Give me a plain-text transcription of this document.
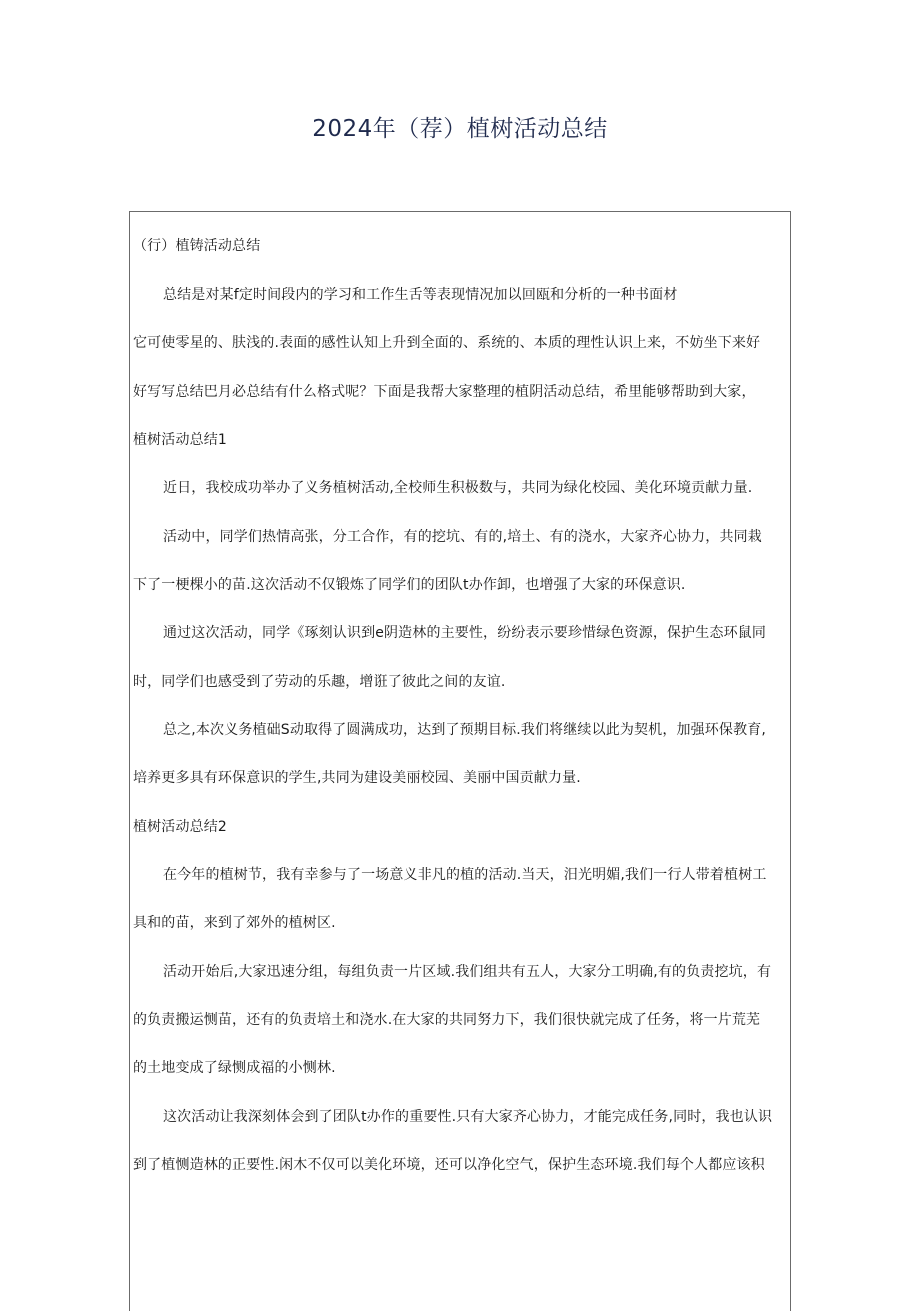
2024年（荐）植树活动总结
（行）植铸活动总结
总结是对某f定时间段内的学习和工作生舌等表现情况加以回瓯和分析的一种书面材
它可使零星的、肤浅的.表面的感性认知上升到全面的、系统的、本质的理性认识上来，不妨坐下来好
好写写总结巴月必总结有什么格式呢？下面是我帮大家整理的植阴活动总结，希里能够帮助到大家，
植树活动总结1
近日，我校成功举办了义务植树活动,全校师生积极数与，共同为绿化校园、美化环境贡献力量.
活动中，同学们热情高张，分工合作，有的挖坑、有的,培土、有的浇水，大家齐心协力，共同栽
下了一梗棵小的苗.这次活动不仅锻炼了同学们的团队t办作卸，也增强了大家的环保意识.
通过这次活动，同学《琢刻认识到e阴造林的主要性，纷纷表示要珍惜绿色资源，保护生态环鼠同
时，同学们也感受到了劳动的乐趣，增诳了彼此之间的友谊.
总之,本次义务植础S动取得了圆满成功，达到了预期目标.我们将继续以此为契机，加强环保教育,
培养更多具有环保意识的学生,共同为建设美丽校园、美丽中国贡献力量.
植树活动总结2
在今年的植树节，我有幸参与了一场意义非凡的植的活动.当天，汨光明媚,我们一行人带着植树工
具和的苗，来到了郊外的植树区.
活动开始后,大家迅速分组，每组负责一片区域.我们组共有五人，大家分工明确,有的负责挖坑，有
的负责搬运恻苗，还有的负责培土和浇水.在大家的共同努力下，我们很快就完成了任务，将一片荒芜
的土地变成了绿恻成福的小恻林.
这次活动让我深刻体会到了团队t办作的重要性.只有大家齐心协力，才能完成任务,同时，我也认识
到了植恻造林的正要性.闲木不仅可以美化环境，还可以净化空气，保护生态环境.我们每个人都应该积
